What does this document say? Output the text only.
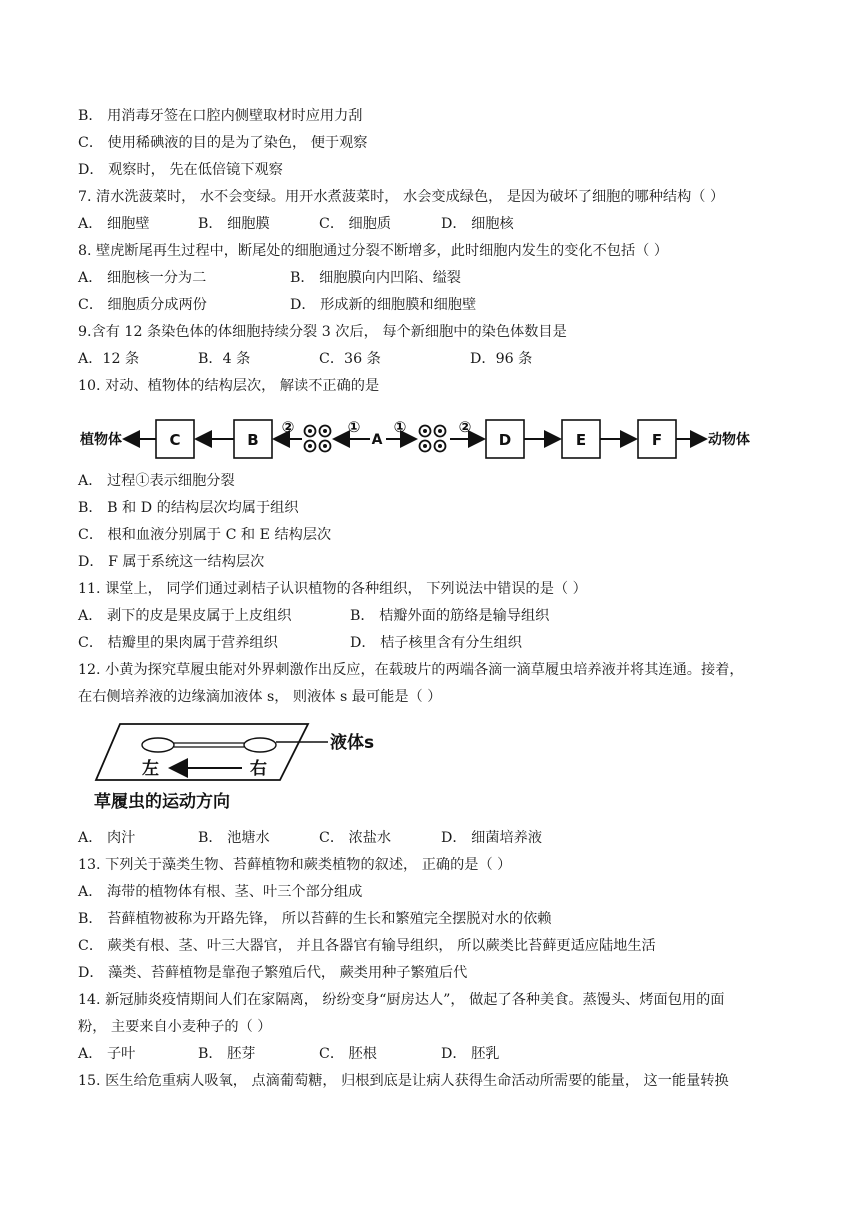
B． 用消毒牙签在口腔内侧壁取材时应用力刮
C． 使用稀碘液的目的是为了染色， 便于观察
D． 观察时， 先在低倍镜下观察
7. 清水洗菠菜时， 水不会变绿。用开水煮菠菜时， 水会变成绿色， 是因为破坏了细胞的哪种结构（ ）
A． 细胞壁	B． 细胞膜	C． 细胞质	D． 细胞核
8. 壁虎断尾再生过程中，断尾处的细胞通过分裂不断增多，此时细胞内发生的变化不包括（ ）
A． 细胞核一分为二	B． 细胞膜向内凹陷、缢裂
C． 细胞质分成两份	D． 形成新的细胞膜和细胞壁
9.含有 12 条染色体的体细胞持续分裂 3 次后， 每个新细胞中的染色体数目是
A．12 条	B．4 条	C．36 条	D．96 条
10. 对动、植物体的结构层次， 解读不正确的是
植物体	C	B
②	①
A
①	②
D	E	F	动物体
A． 过程①表示细胞分裂
B． B 和 D 的结构层次均属于组织
C． 根和血液分别属于 C 和 E 结构层次
D． F 属于系统这一结构层次
11. 课堂上， 同学们通过剥桔子认识植物的各种组织， 下列说法中错误的是（ ）
A． 剥下的皮是果皮属于上皮组织	B． 桔瓣外面的筋络是输导组织
C． 桔瓣里的果肉属于营养组织	D． 桔子核里含有分生组织
12. 小黄为探究草履虫能对外界刺激作出反应，在载玻片的两端各滴一滴草履虫培养液并将其连通。接着，
在右侧培养液的边缘滴加液体 s， 则液体 s 最可能是（ ）
液体s
左	右
草履虫的运动方向
A． 肉汁	B． 池塘水	C． 浓盐水	D． 细菌培养液
13. 下列关于藻类生物、苔藓植物和蕨类植物的叙述， 正确的是（ ）
A． 海带的植物体有根、茎、叶三个部分组成
B． 苔藓植物被称为开路先锋， 所以苔藓的生长和繁殖完全摆脱对水的依赖
C． 蕨类有根、茎、叶三大器官， 并且各器官有输导组织， 所以蕨类比苔藓更适应陆地生活
D． 藻类、苔藓植物是靠孢子繁殖后代， 蕨类用种子繁殖后代
14. 新冠肺炎疫情期间人们在家隔离， 纷纷变身“厨房达人”， 做起了各种美食。蒸馒头、烤面包用的面
粉， 主要来自小麦种子的（ ）
A． 子叶	B． 胚芽	C． 胚根	D． 胚乳
15. 医生给危重病人吸氧， 点滴葡萄糖， 归根到底是让病人获得生命活动所需要的能量， 这一能量转换
